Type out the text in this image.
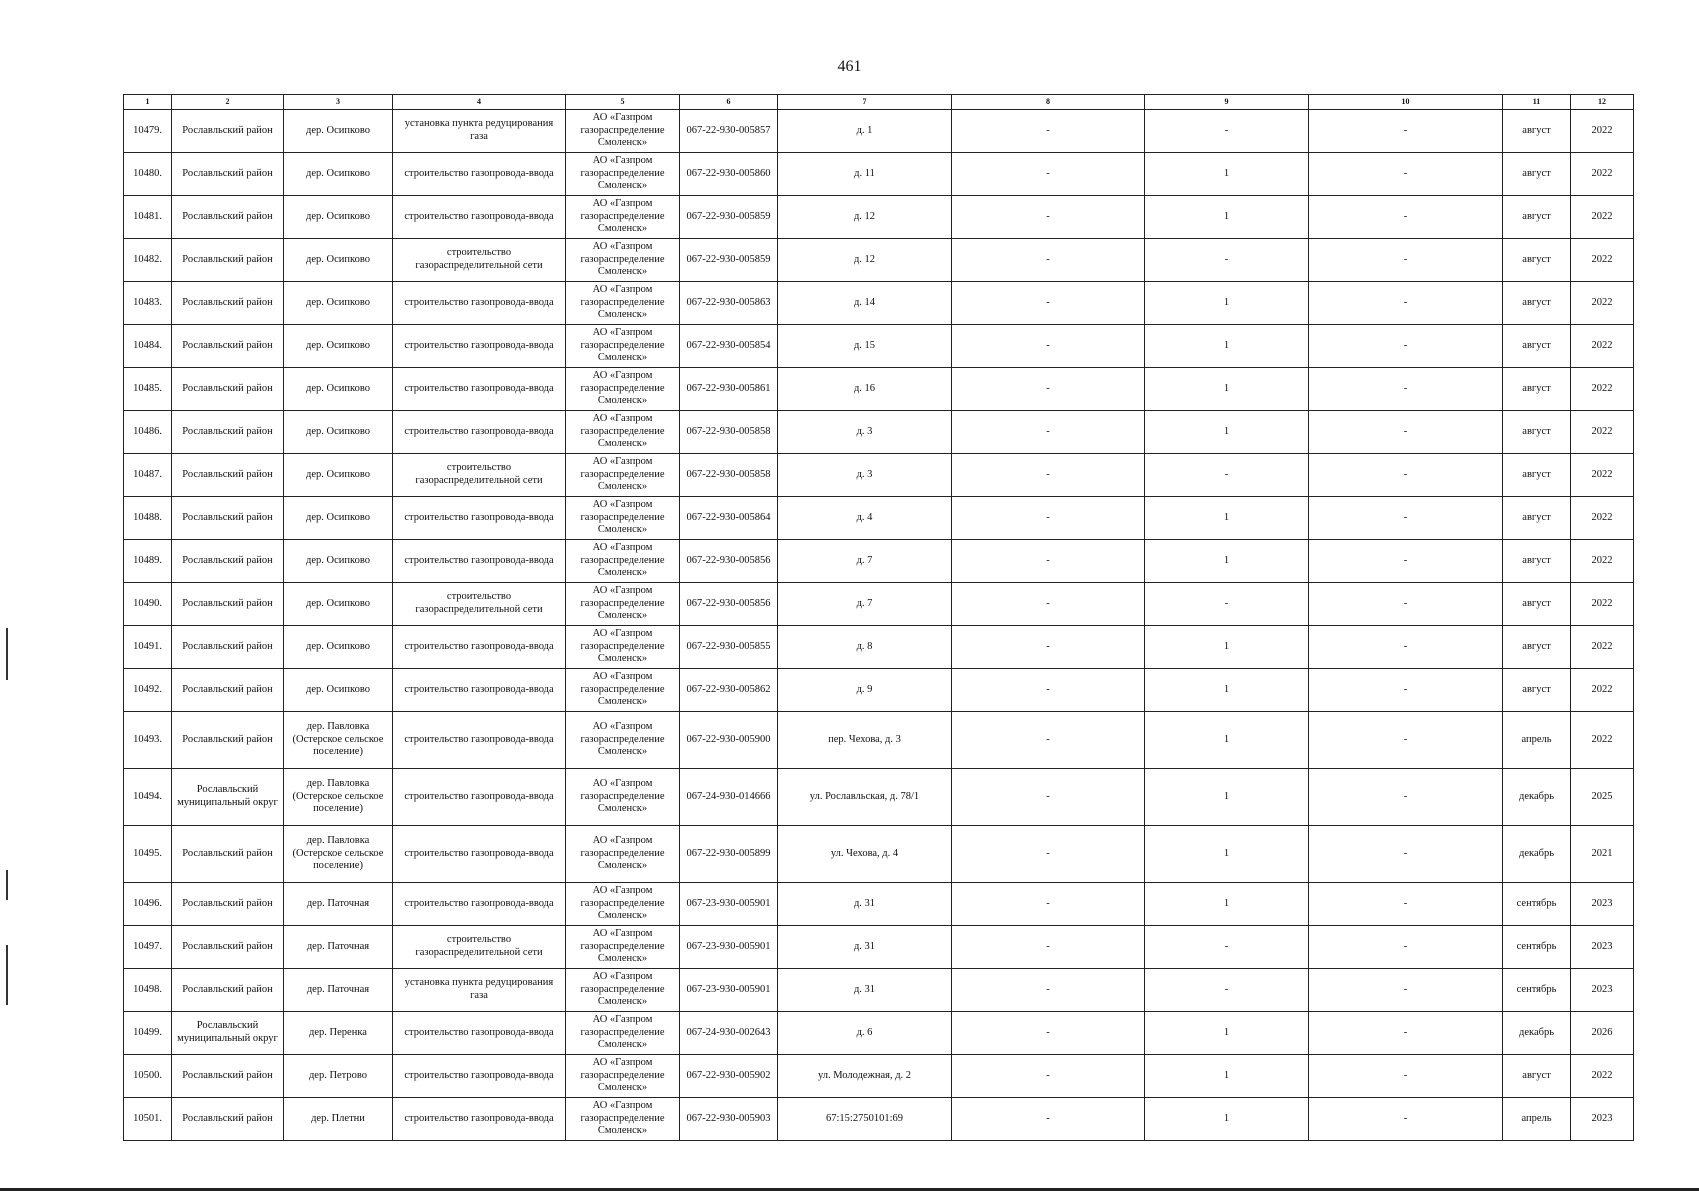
461
1	2	3	4	5	6	7	8	9	10	11	12
10479.	Рославльский район	дер. Осипково	установка пункта редуцирования газа	АО «Газпром газораспределение Смоленск»	067-22-930-005857	д. 1	-	-	-	август	2022
10480.	Рославльский район	дер. Осипково	строительство газопровода-ввода	АО «Газпром газораспределение Смоленск»	067-22-930-005860	д. 11	-	1	-	август	2022
10481.	Рославльский район	дер. Осипково	строительство газопровода-ввода	АО «Газпром газораспределение Смоленск»	067-22-930-005859	д. 12	-	1	-	август	2022
10482.	Рославльский район	дер. Осипково	строительство газораспределительной сети	АО «Газпром газораспределение Смоленск»	067-22-930-005859	д. 12	-	-	-	август	2022
10483.	Рославльский район	дер. Осипково	строительство газопровода-ввода	АО «Газпром газораспределение Смоленск»	067-22-930-005863	д. 14	-	1	-	август	2022
10484.	Рославльский район	дер. Осипково	строительство газопровода-ввода	АО «Газпром газораспределение Смоленск»	067-22-930-005854	д. 15	-	1	-	август	2022
10485.	Рославльский район	дер. Осипково	строительство газопровода-ввода	АО «Газпром газораспределение Смоленск»	067-22-930-005861	д. 16	-	1	-	август	2022
10486.	Рославльский район	дер. Осипково	строительство газопровода-ввода	АО «Газпром газораспределение Смоленск»	067-22-930-005858	д. 3	-	1	-	август	2022
10487.	Рославльский район	дер. Осипково	строительство газораспределительной сети	АО «Газпром газораспределение Смоленск»	067-22-930-005858	д. 3	-	-	-	август	2022
10488.	Рославльский район	дер. Осипково	строительство газопровода-ввода	АО «Газпром газораспределение Смоленск»	067-22-930-005864	д. 4	-	1	-	август	2022
10489.	Рославльский район	дер. Осипково	строительство газопровода-ввода	АО «Газпром газораспределение Смоленск»	067-22-930-005856	д. 7	-	1	-	август	2022
10490.	Рославльский район	дер. Осипково	строительство газораспределительной сети	АО «Газпром газораспределение Смоленск»	067-22-930-005856	д. 7	-	-	-	август	2022
10491.	Рославльский район	дер. Осипково	строительство газопровода-ввода	АО «Газпром газораспределение Смоленск»	067-22-930-005855	д. 8	-	1	-	август	2022
10492.	Рославльский район	дер. Осипково	строительство газопровода-ввода	АО «Газпром газораспределение Смоленск»	067-22-930-005862	д. 9	-	1	-	август	2022
10493.	Рославльский район	дер. Павловка (Остерское сельское поселение)	строительство газопровода-ввода	АО «Газпром газораспределение Смоленск»	067-22-930-005900	пер. Чехова, д. 3	-	1	-	апрель	2022
10494.	Рославльский муниципальный округ	дер. Павловка (Остерское сельское поселение)	строительство газопровода-ввода	АО «Газпром газораспределение Смоленск»	067-24-930-014666	ул. Рославльская, д. 78/1	-	1	-	декабрь	2025
10495.	Рославльский район	дер. Павловка (Остерское сельское поселение)	строительство газопровода-ввода	АО «Газпром газораспределение Смоленск»	067-22-930-005899	ул. Чехова, д. 4	-	1	-	декабрь	2021
10496.	Рославльский район	дер. Паточная	строительство газопровода-ввода	АО «Газпром газораспределение Смоленск»	067-23-930-005901	д. 31	-	1	-	сентябрь	2023
10497.	Рославльский район	дер. Паточная	строительство газораспределительной сети	АО «Газпром газораспределение Смоленск»	067-23-930-005901	д. 31	-	-	-	сентябрь	2023
10498.	Рославльский район	дер. Паточная	установка пункта редуцирования газа	АО «Газпром газораспределение Смоленск»	067-23-930-005901	д. 31	-	-	-	сентябрь	2023
10499.	Рославльский муниципальный округ	дер. Перенка	строительство газопровода-ввода	АО «Газпром газораспределение Смоленск»	067-24-930-002643	д. 6	-	1	-	декабрь	2026
10500.	Рославльский район	дер. Петрово	строительство газопровода-ввода	АО «Газпром газораспределение Смоленск»	067-22-930-005902	ул. Молодежная, д. 2	-	1	-	август	2022
10501.	Рославльский район	дер. Плетни	строительство газопровода-ввода	АО «Газпром газораспределение Смоленск»	067-22-930-005903	67:15:2750101:69	-	1	-	апрель	2023
